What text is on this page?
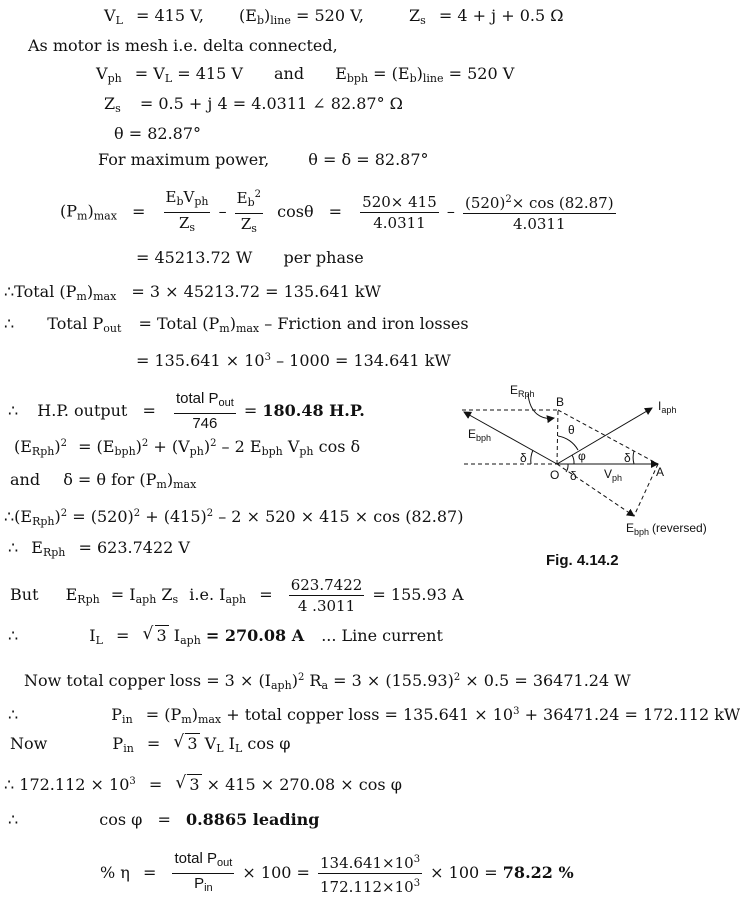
$V_L = 415$ V, $(E_b)_{line} = 520$ V,	$Z_s = 4 + j + 0.5$ Ω
As motor is mesh i.e. delta connected,
$V_{ph} = V_L = 415$ V and $E_{bph} = (E_b)_{line} = 520$ V
$Z_s = 0.5 + j$ 4 = 4.0311 ∠ 82.87° Ω
θ = 82.87°
For maximum power, θ = δ = 82.87°
$(P_m)_{max} = \frac{E_bV_{ph}}{Z_s} - \frac{E_b^2}{Z_s}$ $\cos\theta = \frac{520\times 415}{4.0311} - \frac{(520)^2\times \cos (82.87)}{4.0311}$
= 45213.72 W per phase
∴Total $(P_m)_{max} = 3 \times 45213.72 = 135.641$ kW
∴ Total $P_{out}$ = Total $(P_m)_{max}$ – Friction and iron losses
= $135.641 \times 10^3 - 1000 = 134.641$ kW
∴ H.P. output = $\frac{total P_{out}}{746} = 180.48$ H.P.
$(E_{Rph})^2 = (E_{bph})^2 + (V_{ph})^2 - 2$ $E_{bph}$ $V_{ph}$ cos δ
and δ = θ for $(P_m)_{max}$
$\therefore(E_{Rph})^2 = (520)^2 + (415)^2 - 2 \times 520 \times 415 \times \cos (82.87)$
∴ $E_{Rph} = 623.7422$ V
But $E_{Rph} = I_{aph}$ $Z_s$ i.e. $I_{aph} = \frac{623.7422}{4 .3011} = 155.93$ A
∴	$I_L$ = √ 3 $I_{aph} = 270.08$ A ... Line current
Now total copper loss = $3 \times (I_{aph})^2$ $R_a = 3 \times (155.93)^2 \times 0.5 = 36471.24$ W
∴	$P_{in} = (P_m)_{max}$ + total copper loss = $135.641 \times 10^3 + 36471.24 = 172.112$ kW
Now	$P_{in}$ = √ 3 $V_L$ $I_L$ cos φ
∴ $172.112 \times 10^3$ = √ 3 × 415 × 270.08 × cos φ
∴	cos φ = 0.8865 leading
% $\eta = \frac{total P_{out}}{P_{in}} \times 100 = \frac{134.641\times 10^3}{172.112\times 10^3} \times 100 = 78.22$ %
$E_{Rph}$
B	$I_{aph}$
$E_{bph}$
θ
φ
δ	δ
δ
O	A
$V_{ph}$
$E_{bph}$ (reversed)
Fig. 4.14.2
